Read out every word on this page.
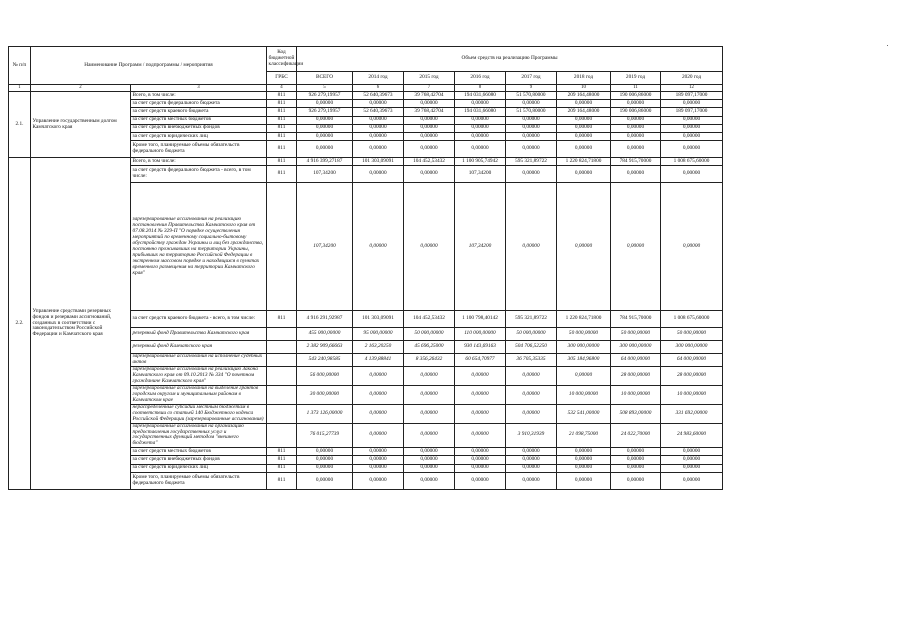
№ п/п	Наименование Программ / подпрограммы / мероприятия		Код бюджетной классификации	Объем средств на реализацию Программы							
			ГРБС	ВСЕГО	2014 год	2015 год	2016 год	2017 год	2018 год	2019 год	2020 год
1	2	3	4	5	6	7	8	9	10	11	12
2.1.	Управление государственным долгом Камчатского края	Всего, в том числе:	811	926 279,19957	52 640,39673	39 768,42704	194 031,66080	51 570,80000	209 164,48000	190 006,86000	189 097,17000
		за счет средств федерального бюджета	811	0,00000	0,00000	0,00000	0,00000	0,00000	0,00000	0,00000	0,00000
		за счет средств краевого бюджета	811	926 279,19957	52 640,39673	39 768,42704	194 031,66080	51 570,80000	209 164,48000	190 006,86000	189 097,17000
		за счет средств местных бюджетов	811	0,00000	0,00000	0,00000	0,00000	0,00000	0,00000	0,00000	0,00000
		за счет средств внебюджетных фондов	811	0,00000	0,00000	0,00000	0,00000	0,00000	0,00000	0,00000	0,00000
		за счет средств юридических лиц	811	0,00000	0,00000	0,00000	0,00000	0,00000	0,00000	0,00000	0,00000
		Кроме того, планируемые объемы обязательств федерального бюджета	811	0,00000	0,00000	0,00000	0,00000	0,00000	0,00000	0,00000	0,00000
2.2.	Управление средствами резервных фондов и резервами ассигнований, созданных в соответствии с законодательством Российской Федерации и Камчатского края	Всего, в том числе:	811	4 916 399,27187	101 303,09091	104 452,53432	1 100 905,74942	595 321,89722	1 220 824,71800	784 915,70000	1 008 675,60000
		за счет средств федерального бюджета - всего, в том числе:	811	107,34200	0,00000	0,00000	107,34200	0,00000	0,00000	0,00000	0,00000
		зарезервированные ассигнования на реализацию постановления Правительства Камчатского края от 07.08.2014 № 329-П "О порядке осуществления мероприятий по временному социально-бытовому обустройству граждан Украины и лиц без гражданства, постоянно проживавших на территории Украины, прибывших на территорию Российской Федерации в экстренном массовом порядке и находящихся в пунктах временного размещения на территории Камчатского края"		107,34200	0,00000	0,00000	107,34200	0,00000	0,00000	0,00000	0,00000
		за счет средств краевого бюджета - всего, в том числе:	811	4 916 291,92987	101 303,09091	104 452,53432	1 100 798,40142	595 321,89722	1 220 824,71800	784 915,70000	1 008 675,60000
		резервный фонд Правительства Камчатского края		455 000,00000	95 000,00000	50 000,00000	110 000,00000	50 000,00000	50 000,00000	50 000,00000	50 000,00000
		резервный фонд Камчатского края		2 382 909,66663	2 163,20250	45 696,25000	930 143,69163	504 706,52250	300 000,00000	300 000,00000	300 000,00000
		зарезервированные ассигнования на исполнение судебных актов		543 240,98585	4 139,88841	8 356,26432	60 654,70977	36 705,35335	305 184,96800	64 000,00000	64 000,00000
		зарезервированные ассигнования на реализацию Закона Камчатского края от 09.10.2013 № 334 "О почетном гражданине Камчатского края"		56 000,00000	0,00000	0,00000	0,00000	0,00000	0,00000	28 000,00000	28 000,00000
		зарезервированные ассигнования на выделение грантов городским округам и муниципальным районам в Камчатском крае		30 000,00000	0,00000	0,00000	0,00000	0,00000	10 000,00000	10 000,00000	10 000,00000
		нераспределенные субсидии местным бюджетам в соответствии со статьей 140 Бюджетного кодекса Российской Федерации (зарезервированные ассигнования)		1 373 126,00000	0,00000	0,00000	0,00000	0,00000	532 541,00000	508 893,00000	331 692,00000
		зарезервированные ассигнования на организацию предоставления государственных услуг и государственных функций методом "внешнего бюджета"		76 015,27739	0,00000	0,00000	0,00000	3 910,31939	21 098,75000	24 022,70000	24 983,60000
		за счет средств местных бюджетов	811	0,00000	0,00000	0,00000	0,00000	0,00000	0,00000	0,00000	0,00000
		за счет средств внебюджетных фондов	811	0,00000	0,00000	0,00000	0,00000	0,00000	0,00000	0,00000	0,00000
		за счет средств юридических лиц	811	0,00000	0,00000	0,00000	0,00000	0,00000	0,00000	0,00000	0,00000
		Кроме того, планируемые объемы обязательств федерального бюджета	811	0,00000	0,00000	0,00000	0,00000	0,00000	0,00000	0,00000	0,00000
·
